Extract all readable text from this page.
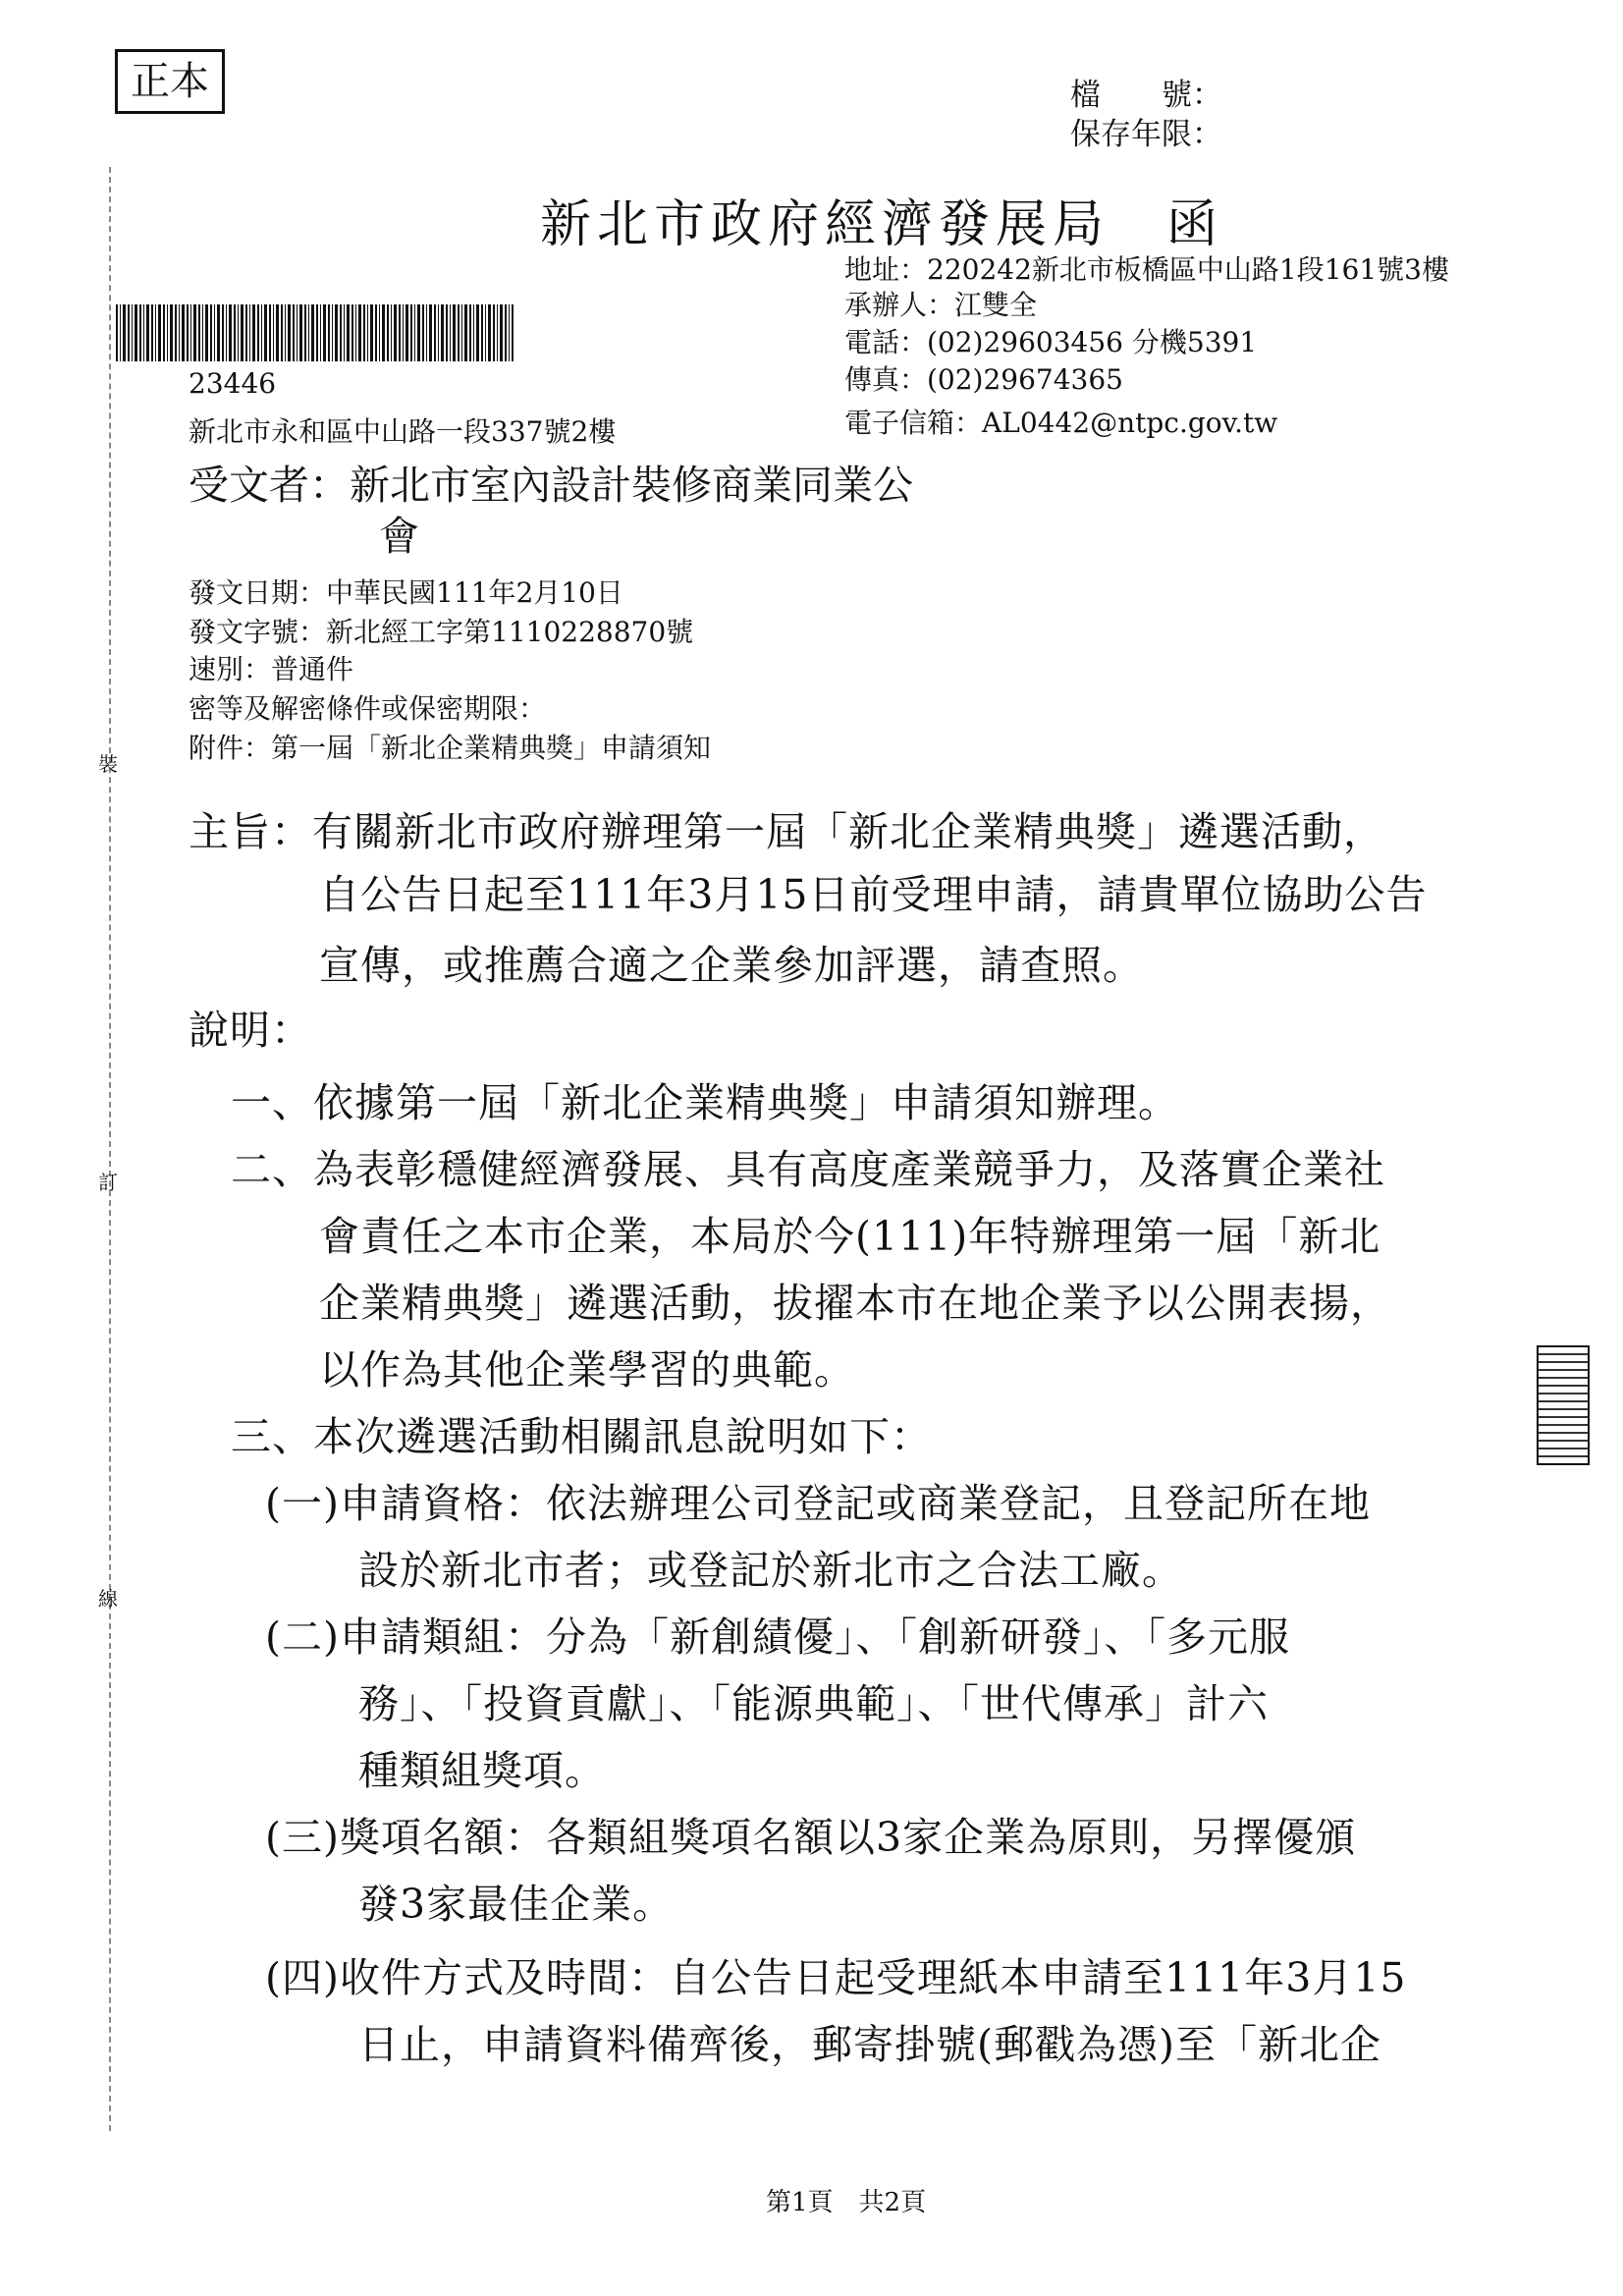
正本	檔　　號：
保存年限：
新北市政府經濟發展局　函
地址：220242新北市板橋區中山路1段161號3樓
承辦人：江雙全
電話：(02)29603456 分機5391
傳真：(02)29674365
電子信箱：AL0442@ntpc.gov.tw
23446
新北市永和區中山路一段337號2樓
受文者：新北市室內設計裝修商業同業公
會
發文日期：中華民國111年2月10日
發文字號：新北經工字第1110228870號
速別：普通件
密等及解密條件或保密期限：
附件：第一屆「新北企業精典獎」申請須知
主旨：有關新北市政府辦理第一屆「新北企業精典獎」遴選活動，
自公告日起至111年3月15日前受理申請，請貴單位協助公告
宣傳，或推薦合適之企業參加評選，請查照。
說明：
一、依據第一屆「新北企業精典獎」申請須知辦理。
二、為表彰穩健經濟發展、具有高度產業競爭力，及落實企業社
會責任之本市企業，本局於今(111)年特辦理第一屆「新北
企業精典獎」遴選活動，拔擢本市在地企業予以公開表揚，
以作為其他企業學習的典範。
三、本次遴選活動相關訊息說明如下：
(一)申請資格：依法辦理公司登記或商業登記，且登記所在地
設於新北市者；或登記於新北市之合法工廠。
(二)申請類組：分為「新創績優」、「創新研發」、「多元服
務」、「投資貢獻」、「能源典範」、「世代傳承」計六
種類組獎項。
(三)獎項名額：各類組獎項名額以3家企業為原則，另擇優頒
發3家最佳企業。
(四)收件方式及時間：自公告日起受理紙本申請至111年3月15
日止，申請資料備齊後，郵寄掛號(郵戳為憑)至「新北企
裝
訂
線
第1頁　共2頁
